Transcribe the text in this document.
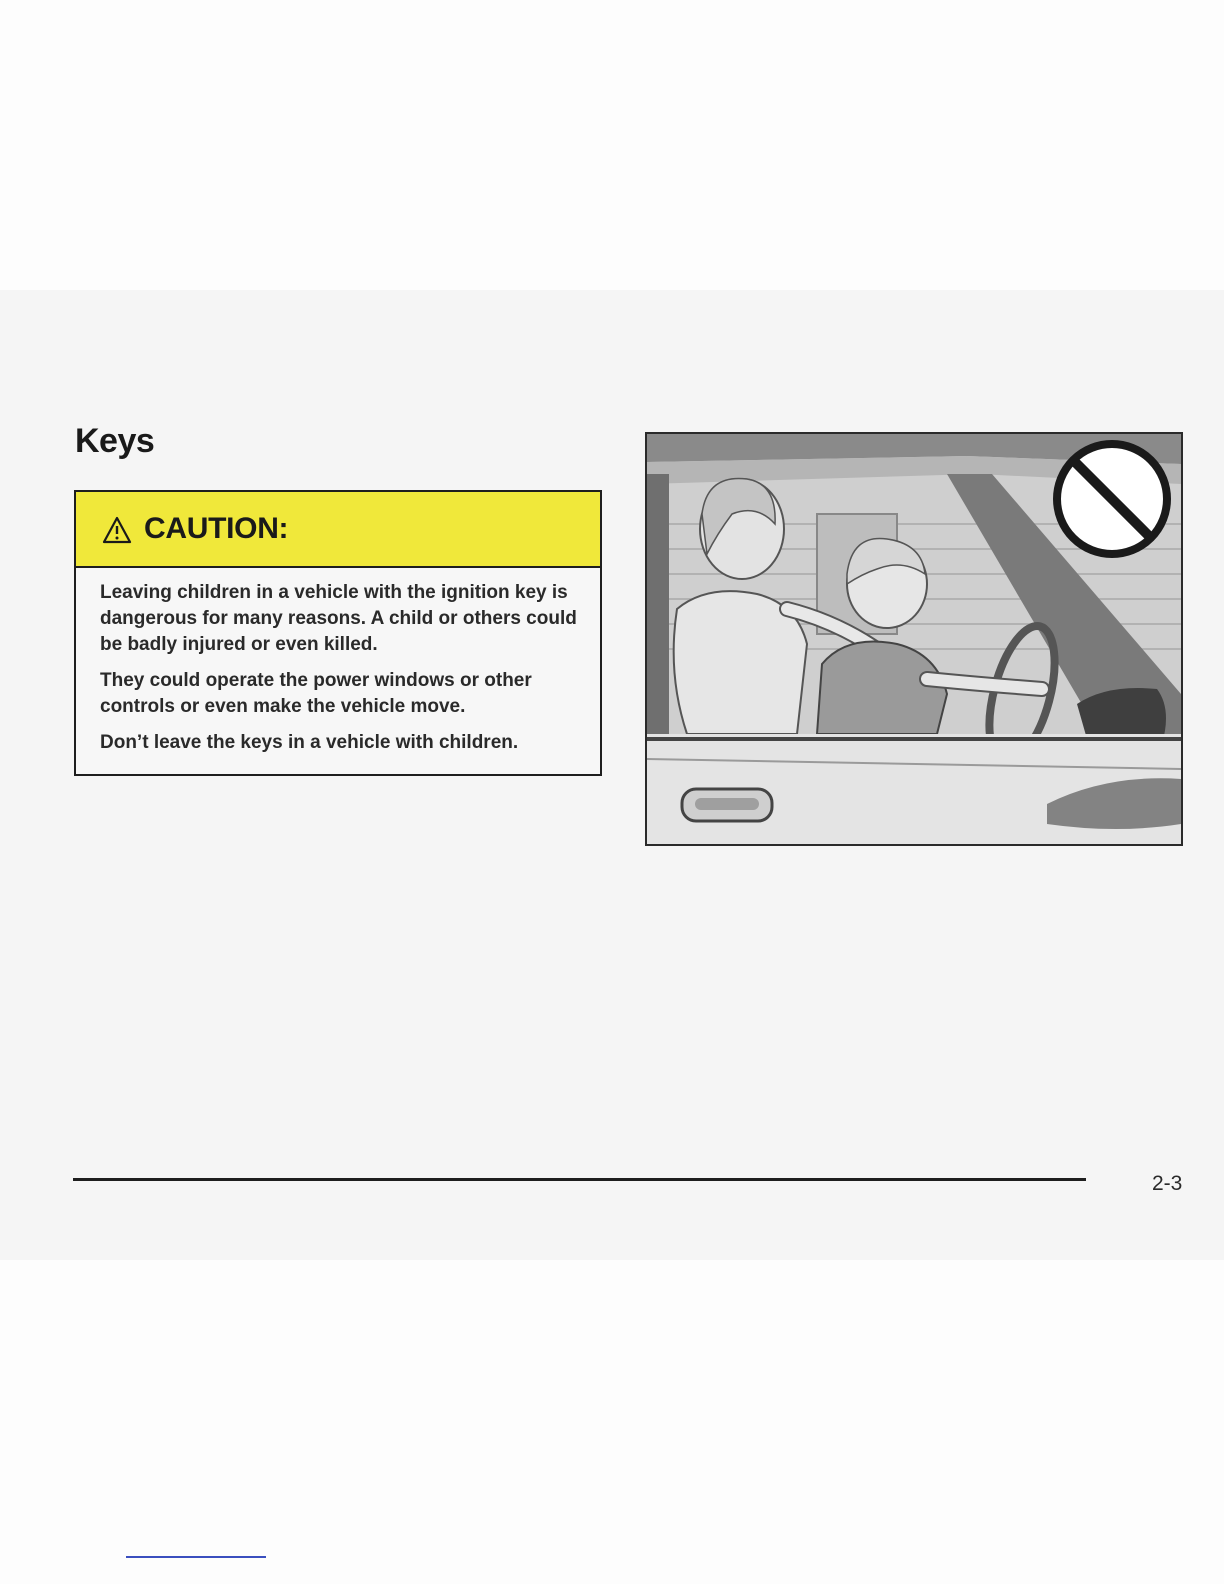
Keys
CAUTION:

Leaving children in a vehicle with the ignition key is dangerous for many reasons. A child or others could be badly injured or even killed.

They could operate the power windows or other controls or even make the vehicle move.

Don’t leave the keys in a vehicle with children.

2-3
